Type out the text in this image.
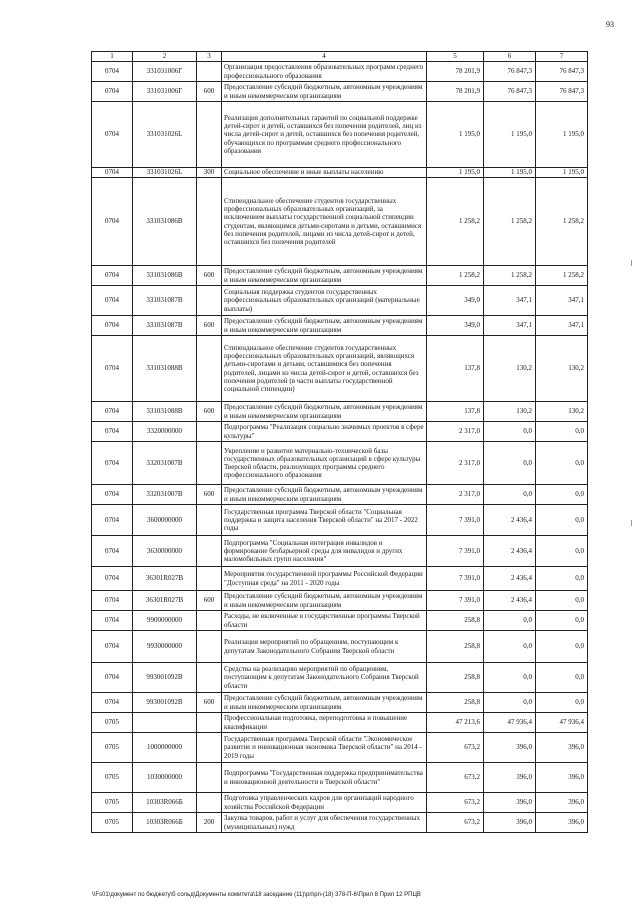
93
1	2	3	4	5	6	7
0704	331031006Г		Организация предоставления образовательных программ среднего профессионального образования	78 201,9	76 847,3	76 847,3
0704	331031006Г	600	Предоставление субсидий бюджетным, автономным учреждениям и иным некоммерческим организациям	78 201,9	76 847,3	76 847,3
0704	331031026L		Реализация дополнительных гарантий по социальной поддержке детей-сирот и детей, оставшихся без попечения родителей, лиц из числа детей-сирот и детей, оставшихся без попечения родителей, обучающихся по программам среднего профессионального образования	1 195,0	1 195,0	1 195,0
0704	331031026L	300	Социальное обеспечение и иные выплаты населению	1 195,0	1 195,0	1 195,0
0704	331031086В		Стипендиальное обеспечение студентов государственных профессиональных образовательных организаций, за исключением выплаты государственной социальной стипендии студентам, являющимся детьми-сиротами и детьми, оставшимися без попечения родителей, лицами из числа детей-сирот и детей, оставшихся без попечения родителей	1 258,2	1 258,2	1 258,2
0704	331031086В	600	Предоставление субсидий бюджетным, автономным учреждениям и иным некоммерческим организациям	1 258,2	1 258,2	1 258,2
0704	331031087В		Социальная поддержка студентов государственных профессиональных образовательных организаций (материальные выплаты)	349,0	347,1	347,1
0704	331031087В	600	Предоставление субсидий бюджетным, автономным учреждениям и иным некоммерческим организациям	349,0	347,1	347,1
0704	331031088В		Стипендиальное обеспечение студентов государственных профессиональных образовательных организаций, являющихся детьми-сиротами и детьми, оставшимися без попечения родителей, лицами из числа детей-сирот и детей, оставшихся без попечения родителей (в части выплаты государственной социальной стипендии)	137,8	130,2	130,2
0704	331031088В	600	Предоставление субсидий бюджетным, автономным учреждениям и иным некоммерческим организациям	137,8	130,2	130,2
0704	3320000000		Подпрограмма "Реализация социально значимых проектов в сфере культуры"	2 317,0	0,0	0,0
0704	332031007В		Укрепление и развитие материально-технической базы государственных образовательных организаций в сфере культуры Тверской области, реализующих программы среднего профессионального образования	2 317,0	0,0	0,0
0704	332031007В	600	Предоставление субсидий бюджетным, автономным учреждениям и иным некоммерческим организациям	2 317,0	0,0	0,0
0704	3600000000		Государственная программа Тверской области "Социальная поддержка и защита населения Тверской области" на 2017 - 2022 годы	7 391,0	2 436,4	0,0
0704	3630000000		Подпрограмма "Социальная интеграция инвалидов и формирование безбарьерной среды для инвалидов и других маломобильных групп населения"	7 391,0	2 436,4	0,0
0704	36301R027В		Мероприятия государственной программы Российской Федерации "Доступная среда" на 2011 - 2020 годы	7 391,0	2 436,4	0,0
0704	36301R027В	600	Предоставление субсидий бюджетным, автономным учреждениям и иным некоммерческим организациям	7 391,0	2 436,4	0,0
0704	9900000000		Расходы, не включенные в государственные программы Тверской области	258,8	0,0	0,0
0704	9930000000		Реализация мероприятий по обращениям, поступающим к депутатам Законодательного Собрания Тверской области	258,8	0,0	0,0
0704	993001092В		Средства на реализацию мероприятий по обращениям, поступающим к депутатам Законодательного Собрания Тверской области	258,8	0,0	0,0
0704	993001092В	600	Предоставление субсидий бюджетным, автономным учреждениям и иным некоммерческим организациям	258,8	0,0	0,0
0705			Профессиональная подготовка, переподготовка и повышение квалификации	47 213,6	47 936,4	47 936,4
0705	1000000000		Государственная программа Тверской области "Экономическое развитие и инновационная экономика Тверской области" на 2014 - 2019 годы	673,2	396,0	396,0
0705	1030000000		Подпрограмма "Государственная поддержка предпринимательства и инновационной деятельности в Тверской области"	673,2	396,0	396,0
0705	10303R066Б		Подготовка управленческих кадров для организаций народного хозяйства Российской Федерации	673,2	396,0	396,0
0705	10303R066Б	200	Закупка товаров, работ и услуг для обеспечения государственных (муниципальных) нужд	673,2	396,0	396,0
\\Fs01\документ по бюджету\б сольд\Документы комитета\18 заседание (11)\рп\рп-(18) 378-П-6\Прил 8 Прил 12 РПЦВ
